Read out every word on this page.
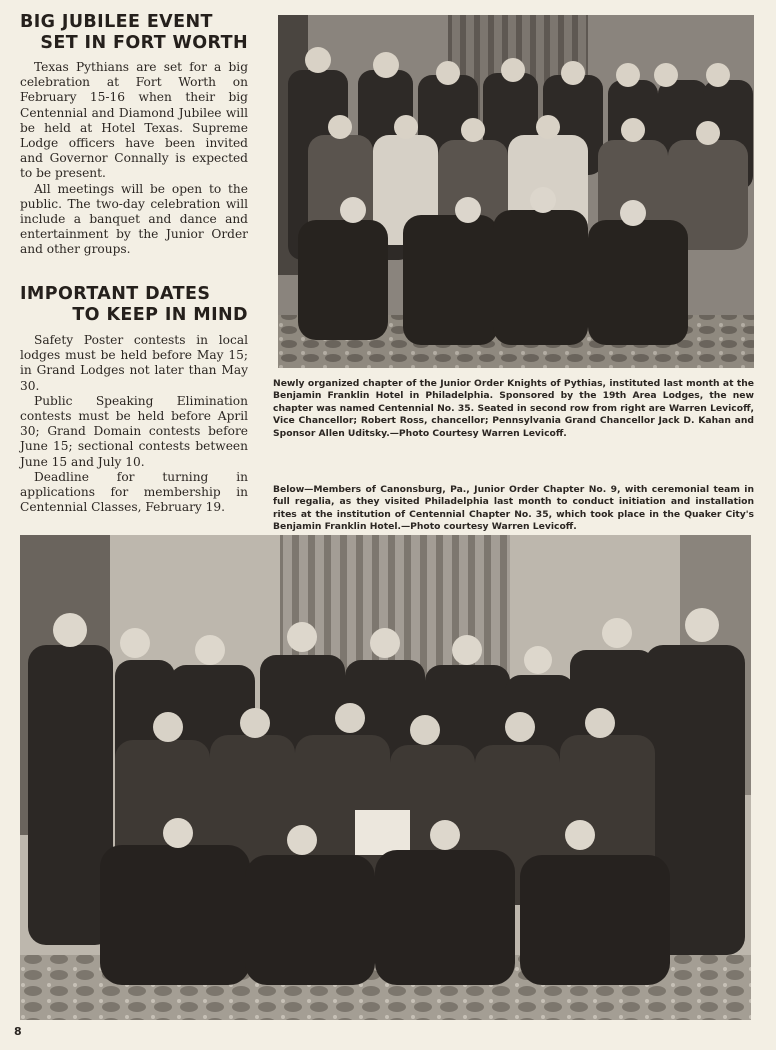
BIG JUBILEE EVENT
SET IN FORT WORTH

Texas Pythians are set for a big celebration at Fort Worth on February 15-16 when their big Centennial and Diamond Jubilee will be held at Hotel Texas. Supreme Lodge officers have been invited and Governor Connally is expected to be present.

All meetings will be open to the public. The two-day celebration will include a banquet and dance and entertainment by the Junior Order and other groups.

IMPORTANT DATES
TO KEEP IN MIND

Safety Poster contests in local lodges must be held before May 15; in Grand Lodges not later than May 30.

Public Speaking Elimination contests must be held before April 30; Grand Domain contests before June 15; sectional contests between June 15 and July 10.

Deadline for turning in applications for membership in Centennial Classes, February 19.

Newly organized chapter of the Junior Order Knights of Pythias, instituted last month at the Benjamin Franklin Hotel in Philadelphia. Sponsored by the 19th Area Lodges, the new chapter was named Centennial No. 35. Seated in second row from right are Warren Levicoff, Vice Chancellor; Robert Ross, chancellor; Pennsylvania Grand Chancellor Jack D. Kahan and Sponsor Allen Uditsky.—Photo Courtesy Warren Levicoff.

Below—Members of Canonsburg, Pa., Junior Order Chapter No. 9, with ceremonial team in full regalia, as they visited Philadelphia last month to conduct initiation and installation rites at the institution of Centennial Chapter No. 35, which took place in the Quaker City's Benjamin Franklin Hotel.—Photo courtesy Warren Levicoff.

8
